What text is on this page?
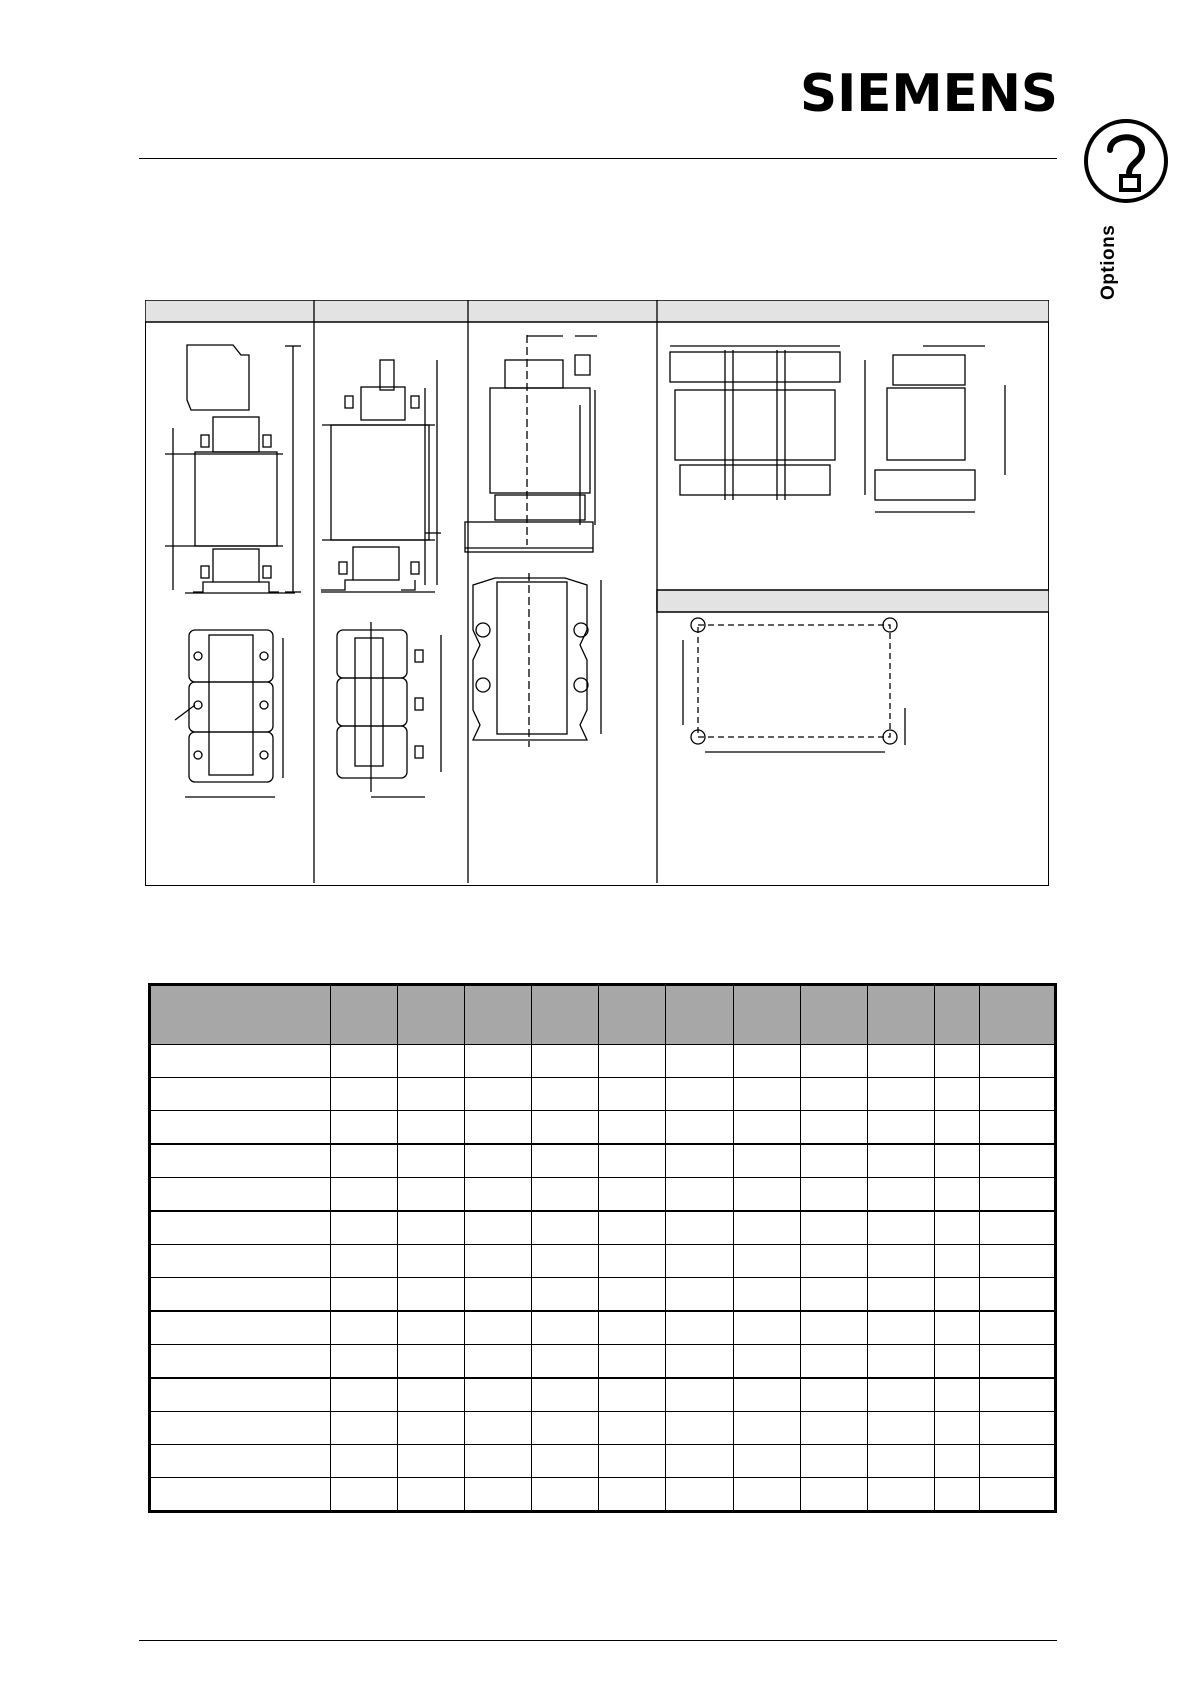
SIEMENS
Options
